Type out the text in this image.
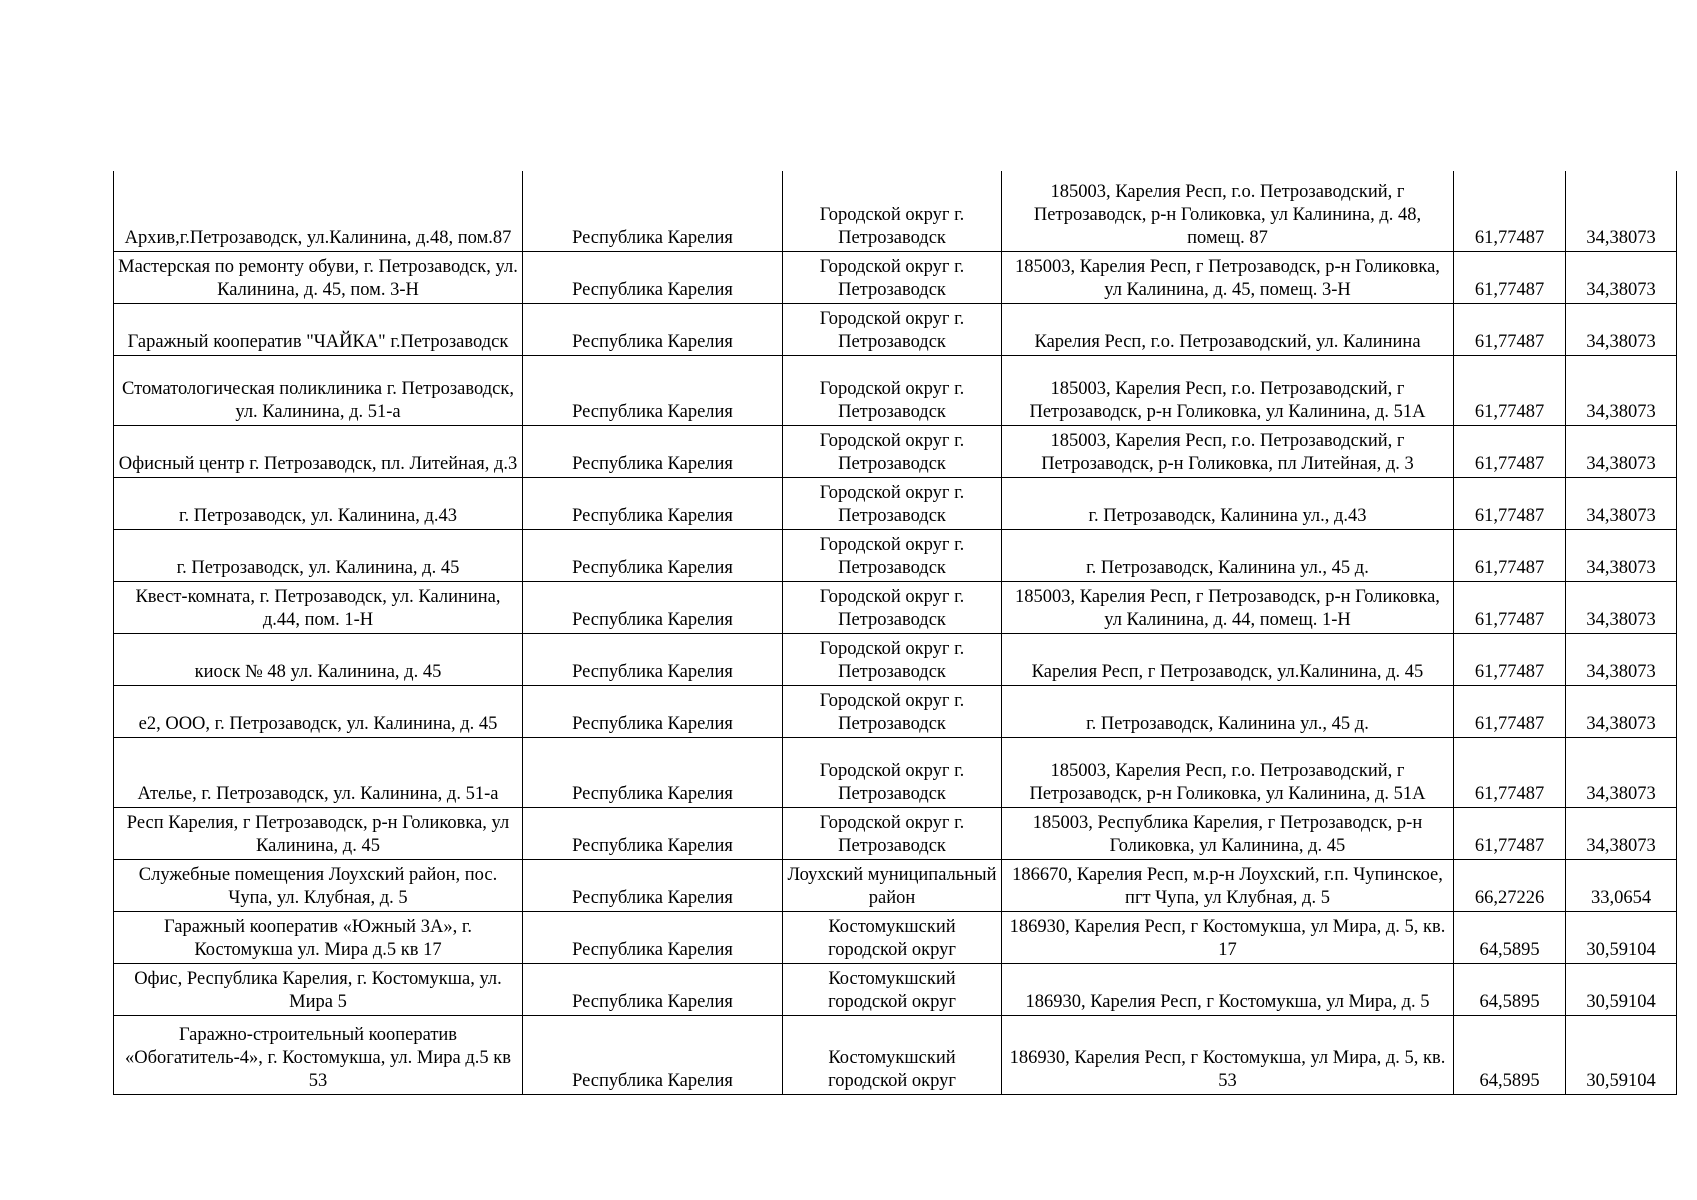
Архив,г.Петрозаводск, ул.Калинина, д.48, пом.87	Республика Карелия	Городской округ г. Петрозаводск	185003, Карелия Респ, г.о. Петрозаводский, г Петрозаводск, р-н Голиковка, ул Калинина, д. 48, помещ. 87	61,77487	34,38073
Мастерская по ремонту обуви, г. Петрозаводск, ул. Калинина, д. 45, пом. 3-Н	Республика Карелия	Городской округ г. Петрозаводск	185003, Карелия Респ, г Петрозаводск, р-н Голиковка, ул Калинина, д. 45, помещ. 3-Н	61,77487	34,38073
Гаражный кооператив "ЧАЙКА" г.Петрозаводск	Республика Карелия	Городской округ г. Петрозаводск	Карелия Респ, г.о. Петрозаводский, ул. Калинина	61,77487	34,38073
Стоматологическая поликлиника г. Петрозаводск, ул. Калинина, д. 51-а	Республика Карелия	Городской округ г. Петрозаводск	185003, Карелия Респ, г.о. Петрозаводский, г Петрозаводск, р-н Голиковка, ул Калинина, д. 51А	61,77487	34,38073
Офисный центр г. Петрозаводск, пл. Литейная, д.3	Республика Карелия	Городской округ г. Петрозаводск	185003, Карелия Респ, г.о. Петрозаводский, г Петрозаводск, р-н Голиковка, пл Литейная, д. 3	61,77487	34,38073
г. Петрозаводск, ул. Калинина, д.43	Республика Карелия	Городской округ г. Петрозаводск	г. Петрозаводск, Калинина ул., д.43	61,77487	34,38073
г. Петрозаводск, ул. Калинина, д. 45	Республика Карелия	Городской округ г. Петрозаводск	г. Петрозаводск, Калинина ул., 45 д.	61,77487	34,38073
Квест-комната, г. Петрозаводск, ул. Калинина, д.44, пом. 1-Н	Республика Карелия	Городской округ г. Петрозаводск	185003, Карелия Респ, г Петрозаводск, р-н Голиковка, ул Калинина, д. 44, помещ. 1-Н	61,77487	34,38073
киоск № 48 ул. Калинина, д. 45	Республика Карелия	Городской округ г. Петрозаводск	Карелия Респ, г Петрозаводск, ул.Калинина, д. 45	61,77487	34,38073
е2, ООО, г. Петрозаводск, ул. Калинина, д. 45	Республика Карелия	Городской округ г. Петрозаводск	г. Петрозаводск, Калинина ул., 45 д.	61,77487	34,38073
Ателье, г. Петрозаводск, ул. Калинина, д. 51-а	Республика Карелия	Городской округ г. Петрозаводск	185003, Карелия Респ, г.о. Петрозаводский, г Петрозаводск, р-н Голиковка, ул Калинина, д. 51А	61,77487	34,38073
Респ Карелия, г Петрозаводск, р-н Голиковка, ул Калинина, д. 45	Республика Карелия	Городской округ г. Петрозаводск	185003, Республика Карелия, г Петрозаводск, р-н Голиковка, ул Калинина, д. 45	61,77487	34,38073
Служебные помещения Лоухский район, пос. Чупа, ул. Клубная, д. 5	Республика Карелия	Лоухский муниципальный район	186670, Карелия Респ, м.р-н Лоухский, г.п. Чупинское, пгт Чупа, ул Клубная, д. 5	66,27226	33,0654
Гаражный кооператив «Южный 3А», г. Костомукша ул. Мира д.5 кв 17	Республика Карелия	Костомукшский городской округ	186930, Карелия Респ, г Костомукша, ул Мира, д. 5, кв. 17	64,5895	30,59104
Офис, Республика Карелия, г. Костомукша, ул. Мира 5	Республика Карелия	Костомукшский городской округ	186930, Карелия Респ, г Костомукша, ул Мира, д. 5	64,5895	30,59104
Гаражно-строительный кооператив «Обогатитель-4», г. Костомукша, ул. Мира д.5 кв 53	Республика Карелия	Костомукшский городской округ	186930, Карелия Респ, г Костомукша, ул Мира, д. 5, кв. 53	64,5895	30,59104
